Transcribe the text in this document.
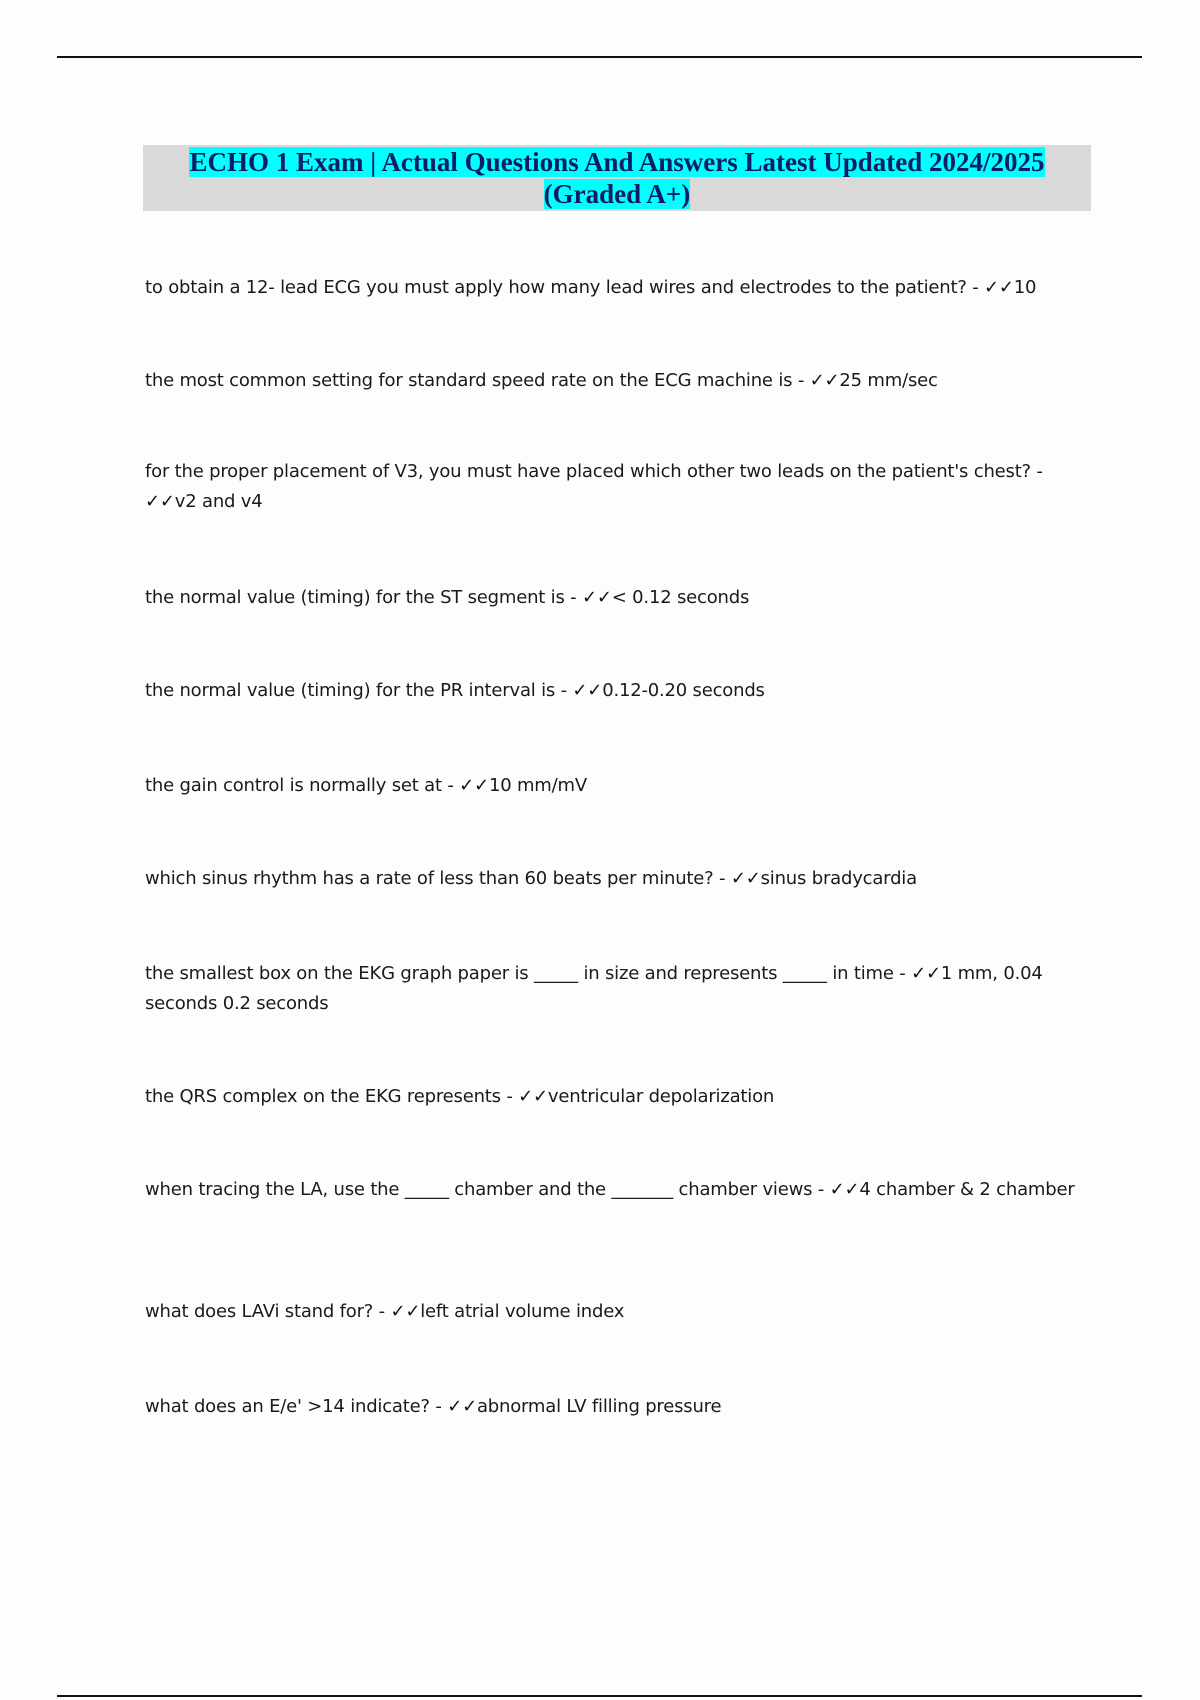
ECHO 1 Exam | Actual Questions And Answers Latest Updated 2024/2025
(Graded A+)

to obtain a 12- lead ECG you must apply how many lead wires and electrodes to the patient? - ✓✓10

the most common setting for standard speed rate on the ECG machine is - ✓✓25 mm/sec

for the proper placement of V3, you must have placed which other two leads on the patient's chest? - ✓✓v2 and v4

the normal value (timing) for the ST segment is - ✓✓< 0.12 seconds

the normal value (timing) for the PR interval is - ✓✓0.12-0.20 seconds

the gain control is normally set at - ✓✓10 mm/mV

which sinus rhythm has a rate of less than 60 beats per minute? - ✓✓sinus bradycardia

the smallest box on the EKG graph paper is _____ in size and represents _____ in time - ✓✓1 mm, 0.04 seconds 0.2 seconds

the QRS complex on the EKG represents - ✓✓ventricular depolarization

when tracing the LA, use the _____ chamber and the _______ chamber views - ✓✓4 chamber & 2 chamber

what does LAVi stand for? - ✓✓left atrial volume index

what does an E/e' >14 indicate? - ✓✓abnormal LV filling pressure
